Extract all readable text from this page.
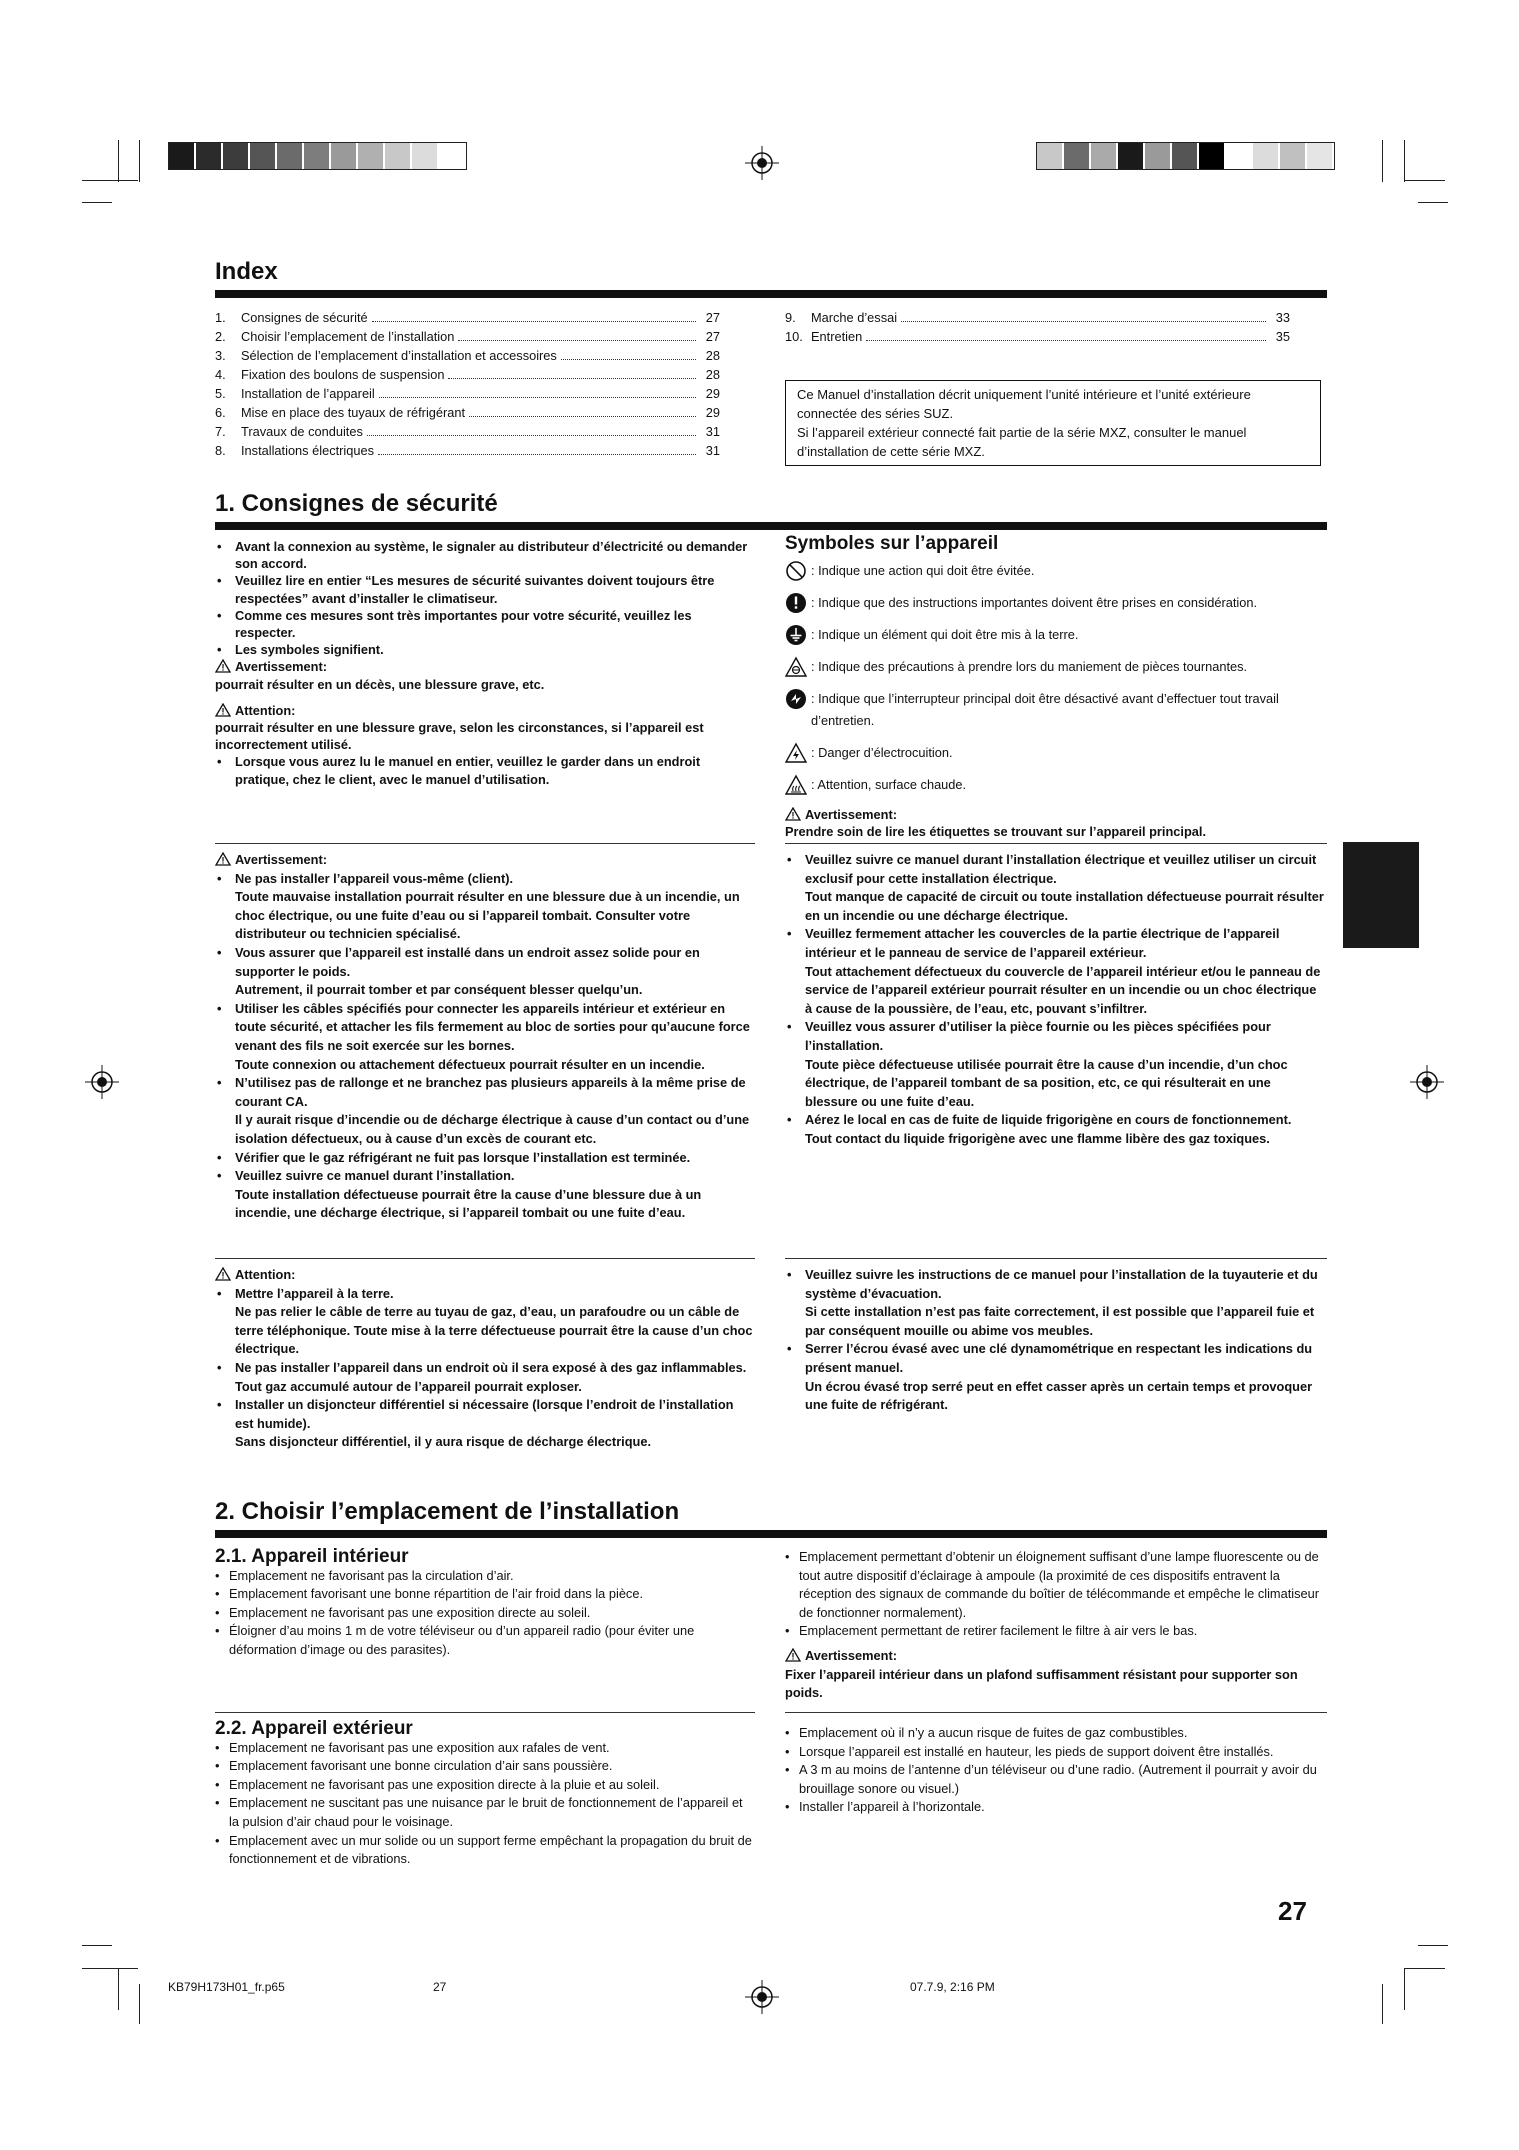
Index
1.	Consignes de sécurité	27
2.	Choisir l’emplacement de l’installation	27
3.	Sélection de l’emplacement d’installation et accessoires	28
4.	Fixation des boulons de suspension	28
5.	Installation de l’appareil	29
6.	Mise en place des tuyaux de réfrigérant	29
7.	Travaux de conduites	31
8.	Installations électriques	31
9.	Marche d’essai	33
10. Entretien	35
Ce Manuel d’installation décrit uniquement l’unité intérieure et l’unité extérieure connectée des séries SUZ.
Si l’appareil extérieur connecté fait partie de la série MXZ, consulter le manuel d’installation de cette série MXZ.
1. Consignes de sécurité
• Avant la connexion au système, le signaler au distributeur d’électricité ou demander son accord.
• Veuillez lire en entier “Les mesures de sécurité suivantes doivent toujours être respectées” avant d’installer le climatiseur.
• Comme ces mesures sont très importantes pour votre sécurité, veuillez les respecter.
• Les symboles signifient.
Avertissement:
pourrait résulter en un décès, une blessure grave, etc.
Attention:
pourrait résulter en une blessure grave, selon les circonstances, si l’appareil est incorrectement utilisé.
• Lorsque vous aurez lu le manuel en entier, veuillez le garder dans un endroit pratique, chez le client, avec le manuel d’utilisation.
Symboles sur l’appareil
: Indique une action qui doit être évitée.
: Indique que des instructions importantes doivent être prises en considération.
: Indique un élément qui doit être mis à la terre.
: Indique des précautions à prendre lors du maniement de pièces tournantes.
: Indique que l’interrupteur principal doit être désactivé avant d’effectuer tout travail d’entretien.
: Danger d’électrocuition.
: Attention, surface chaude.
Avertissement:
Prendre soin de lire les étiquettes se trouvant sur l’appareil principal.
Avertissement:
• Ne pas installer l’appareil vous-même (client).
Toute mauvaise installation pourrait résulter en une blessure due à un incendie, un choc électrique, ou une fuite d’eau ou si l’appareil tombait. Consulter votre distributeur ou technicien spécialisé.
• Vous assurer que l’appareil est installé dans un endroit assez solide pour en supporter le poids.
Autrement, il pourrait tomber et par conséquent blesser quelqu’un.
• Utiliser les câbles spécifiés pour connecter les appareils intérieur et extérieur en toute sécurité, et attacher les fils fermement au bloc de sorties pour qu’aucune force venant des fils ne soit exercée sur les bornes.
Toute connexion ou attachement défectueux pourrait résulter en un incendie.
• N’utilisez pas de rallonge et ne branchez pas plusieurs appareils à la même prise de courant CA.
Il y aurait risque d’incendie ou de décharge électrique à cause d’un contact ou d’une isolation défectueux, ou à cause d’un excès de courant etc.
• Vérifier que le gaz réfrigérant ne fuit pas lorsque l’installation est terminée.
• Veuillez suivre ce manuel durant l’installation.
Toute installation défectueuse pourrait être la cause d’une blessure due à un incendie, une décharge électrique, si l’appareil tombait ou une fuite d’eau.
• Veuillez suivre ce manuel durant l’installation électrique et veuillez utiliser un circuit exclusif pour cette installation électrique.
Tout manque de capacité de circuit ou toute installation défectueuse pourrait résulter en un incendie ou une décharge électrique.
• Veuillez fermement attacher les couvercles de la partie électrique de l’appareil intérieur et le panneau de service de l’appareil extérieur.
Tout attachement défectueux du couvercle de l’appareil intérieur et/ou le panneau de service de l’appareil extérieur pourrait résulter en un incendie ou un choc électrique à cause de la poussière, de l’eau, etc, pouvant s’infiltrer.
• Veuillez vous assurer d’utiliser la pièce fournie ou les pièces spécifiées pour l’installation.
Toute pièce défectueuse utilisée pourrait être la cause d’un incendie, d’un choc électrique, de l’appareil tombant de sa position, etc, ce qui résulterait en une blessure ou une fuite d’eau.
• Aérez le local en cas de fuite de liquide frigorigène en cours de fonctionnement.
Tout contact du liquide frigorigène avec une flamme libère des gaz toxiques.
Attention:
• Mettre l’appareil à la terre.
Ne pas relier le câble de terre au tuyau de gaz, d’eau, un parafoudre ou un câble de terre téléphonique. Toute mise à la terre défectueuse pourrait être la cause d’un choc électrique.
• Ne pas installer l’appareil dans un endroit où il sera exposé à des gaz inflammables.
Tout gaz accumulé autour de l’appareil pourrait exploser.
• Installer un disjoncteur différentiel si nécessaire (lorsque l’endroit de l’installation est humide).
Sans disjoncteur différentiel, il y aura risque de décharge électrique.
• Veuillez suivre les instructions de ce manuel pour l’installation de la tuyauterie et du système d’évacuation.
Si cette installation n’est pas faite correctement, il est possible que l’appareil fuie et par conséquent mouille ou abime vos meubles.
• Serrer l’écrou évasé avec une clé dynamométrique en respectant les indications du présent manuel.
Un écrou évasé trop serré peut en effet casser après un certain temps et provoquer une fuite de réfrigérant.
2. Choisir l’emplacement de l’installation
2.1. Appareil intérieur
• Emplacement ne favorisant pas la circulation d’air.
• Emplacement favorisant une bonne répartition de l’air froid dans la pièce.
• Emplacement ne favorisant pas une exposition directe au soleil.
• Éloigner d’au moins 1 m de votre téléviseur ou d’un appareil radio (pour éviter une déformation d’image ou des parasites).
• Emplacement permettant d’obtenir un éloignement suffisant d’une lampe fluorescente ou de tout autre dispositif d’éclairage à ampoule (la proximité de ces dispositifs entravent la réception des signaux de commande du boîtier de télécommande et empêche le climatiseur de fonctionner normalement).
• Emplacement permettant de retirer facilement le filtre à air vers le bas.
Avertissement:
Fixer l’appareil intérieur dans un plafond suffisamment résistant pour supporter son poids.
2.2. Appareil extérieur
• Emplacement ne favorisant pas une exposition aux rafales de vent.
• Emplacement favorisant une bonne circulation d’air sans poussière.
• Emplacement ne favorisant pas une exposition directe à la pluie et au soleil.
• Emplacement ne suscitant pas une nuisance par le bruit de fonctionnement de l’appareil et la pulsion d’air chaud pour le voisinage.
• Emplacement avec un mur solide ou un support ferme empêchant la propagation du bruit de fonctionnement et de vibrations.
• Emplacement où il n’y a aucun risque de fuites de gaz combustibles.
• Lorsque l’appareil est installé en hauteur, les pieds de support doivent être installés.
• A 3 m au moins de l’antenne d’un téléviseur ou d’une radio. (Autrement il pourrait y avoir du brouillage sonore ou visuel.)
• Installer l’appareil à l’horizontale.
27
KB79H173H01_fr.p65	27	07.7.9, 2:16 PM
